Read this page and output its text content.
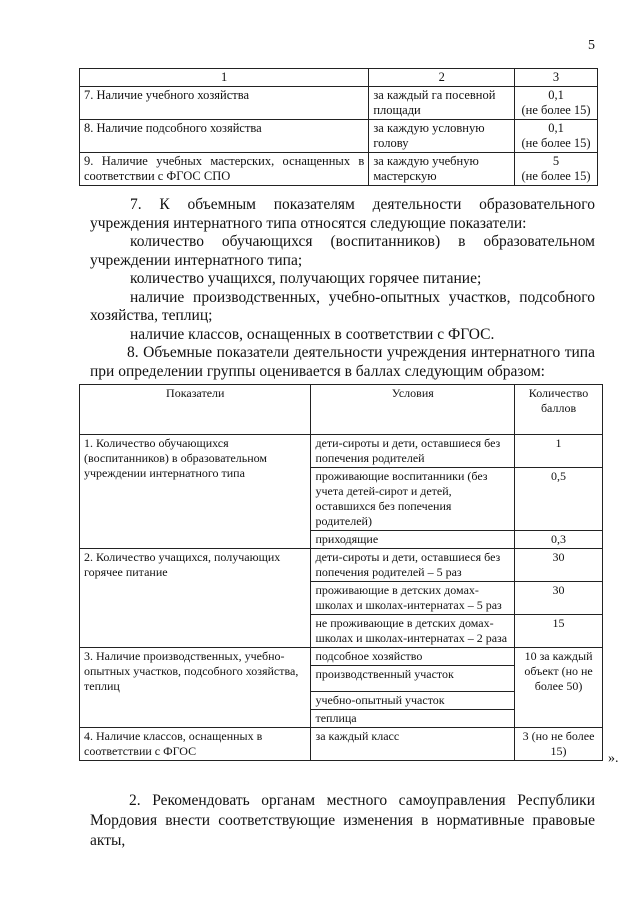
5
1	2	3
7. Наличие учебного хозяйства	за каждый га посевной площади	0,1
(не более 15)

8. Наличие подсобного хозяйства	за каждую условную голову	0,1
(не более 15)

9. Наличие учебных мастерских, оснащенных в соответствии с ФГОС СПО	за каждую учебную мастерскую	5
(не более 15)

7. К объемным показателям деятельности образовательного учреждения интернатного типа относятся следующие показатели:

количество обучающихся (воспитанников) в образовательном учреждении интернатного типа;

количество учащихся, получающих горячее питание;

наличие производственных, учебно-опытных участков, подсобного хозяйства, теплиц;

наличие классов, оснащенных в соответствии с ФГОС.

8. Объемные показатели деятельности учреждения интернатного типа при определении группы оценивается в баллах следующим образом:

Показатели	Условия	Количество баллов
1. Количество обучающихся (воспитанников) в образовательном учреждении интернатного типа	дети-сироты и дети, оставшиеся без попечения родителей	1
	проживающие воспитанники (без учета детей-сирот и детей, оставшихся без попечения родителей)	0,5
	приходящие	0,3
2. Количество учащихся, получающих горячее питание	дети-сироты и дети, оставшиеся без попечения родителей – 5 раз	30
	проживающие в детских домах-школах и школах-интернатах – 5 раз	30
	не проживающие в детских домах-школах и школах-интернатах – 2 раза	15
3. Наличие производственных, учебно-опытных участков, подсобного хозяйства, теплиц	подсобное хозяйство	10 за каждый объект (но не более 50)
	производственный участок	
	учебно-опытный участок	
	теплица	
4. Наличие классов, оснащенных в соответствии с ФГОС	за каждый класс	3 (но не более 15)	».

2. Рекомендовать органам местного самоуправления Республики Мордовия внести соответствующие изменения в нормативные правовые акты,
